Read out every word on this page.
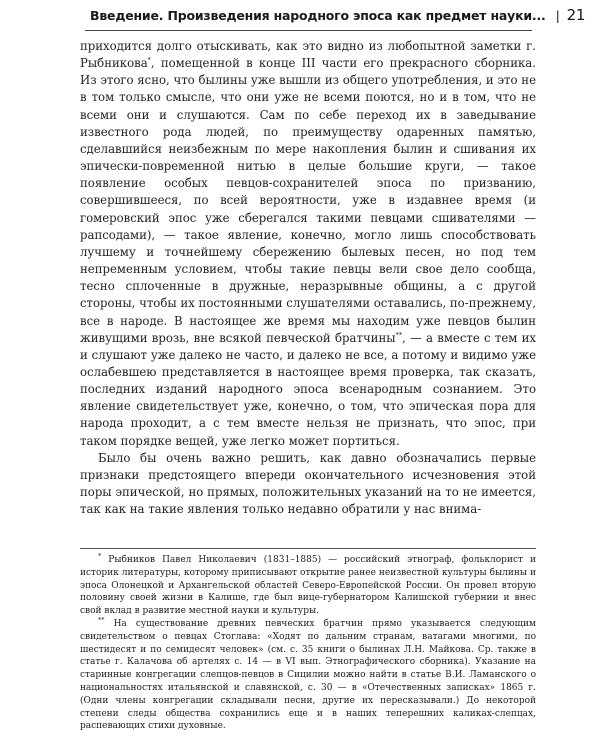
Введение. Произведения народного эпоса как предмет науки... | 21

приходится долго отыскивать, как это видно из любопытной заметки г. Рыбникова*, помещенной в конце III части его прекрасного сборника. Из этого ясно, что былины уже вышли из общего употребления, и это не в том только смысле, что они уже не всеми поются, но и в том, что не всеми они и слушаются. Сам по себе переход их в заведывание известного рода людей, по преимуществу одаренных памятью, сделавшийся неизбежным по мере накопления былин и сшивания их эпически-повременной нитью в целые большие круги, — такое появление особых певцов-сохранителей эпоса по призванию, совершившееся, по всей вероятности, уже в издавнее время (и гомеровский эпос уже сберегался такими певцами сшивателями — рапсодами), — такое явление, конечно, могло лишь способствовать лучшему и точнейшему сбережению былевых песен, но под тем непременным условием, чтобы такие певцы вели свое дело сообща, тесно сплоченные в дружные, неразрывные общины, а с другой стороны, чтобы их постоянными слушателями оставались, по-прежнему, все в народе. В настоящее же время мы находим уже певцов былин живущими врозь, вне всякой певческой братчины**, — а вместе с тем их и слушают уже далеко не часто, и далеко не все, а потому и видимо уже ослабевшею представляется в настоящее время проверка, так сказать, последних изданий народного эпоса всенародным сознанием. Это явление свидетельствует уже, конечно, о том, что эпическая пора для народа проходит, а с тем вместе нельзя не признать, что эпос, при таком порядке вещей, уже легко может портиться.

Было бы очень важно решить, как давно обозначались первые признаки предстоящего впереди окончательного исчезновения этой поры эпической, но прямых, положительных указаний на то не имеется, так как на такие явления только недавно обратили у нас внима-

* Рыбников Павел Николаевич (1831–1885) — российский этнограф, фольклорист и историк литературы, которому приписывают открытие ранее неизвестной культуры былины и эпоса Олонецкой и Архангельской областей Северо-Европейской России. Он провел вторую половину своей жизни в Калише, где был вице-губернатором Калишской губернии и внес свой вклад в развитие местной науки и культуры.

** На существование древних певческих братчин прямо указывается следующим свидетельством о певцах Стоглава: «Ходят по дальним странам, ватагами многими, по шестидесят и по семидесят человек» (см. с. 35 книги о былинах Л.Н. Майкова. Ср. также в статье г. Калачова об артелях с. 14 — в VI вып. Этнографического сборника). Указание на старинные конгрегации слепцов-певцов в Сицилии можно найти в статье В.И. Ламанского о национальностях итальянской и славянской, с. 30 — в «Отечественных записках» 1865 г. (Одни члены конгрегации складывали песни, другие их пересказывали.) До некоторой степени следы общества сохранились еще и в наших теперешних каликах-слепцах, распевающих стихи духовные.
